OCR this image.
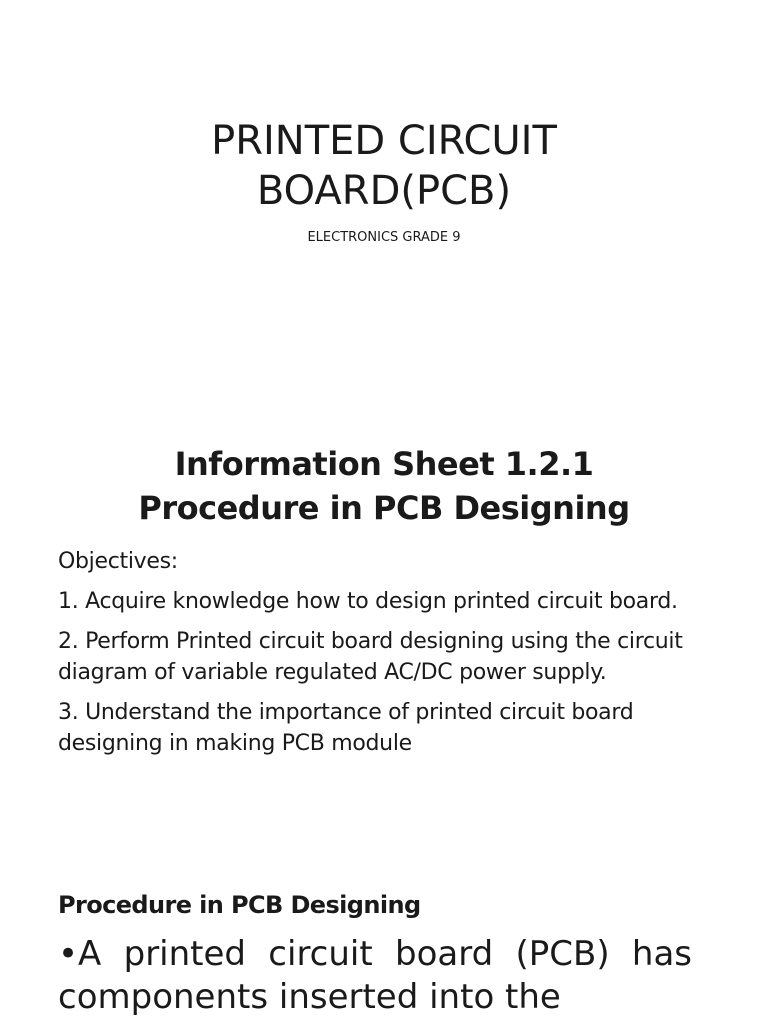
PRINTED CIRCUIT
BOARD(PCB)

ELECTRONICS GRADE 9

Information Sheet 1.2.1
Procedure in PCB Designing

Objectives:

1. Acquire knowledge how to design printed circuit board.

2. Perform Printed circuit board designing using the circuit diagram of variable regulated AC/DC power supply.

3. Understand the importance of printed circuit board designing in making PCB module

Procedure in PCB Designing

•A printed circuit board (PCB) has components inserted into the
